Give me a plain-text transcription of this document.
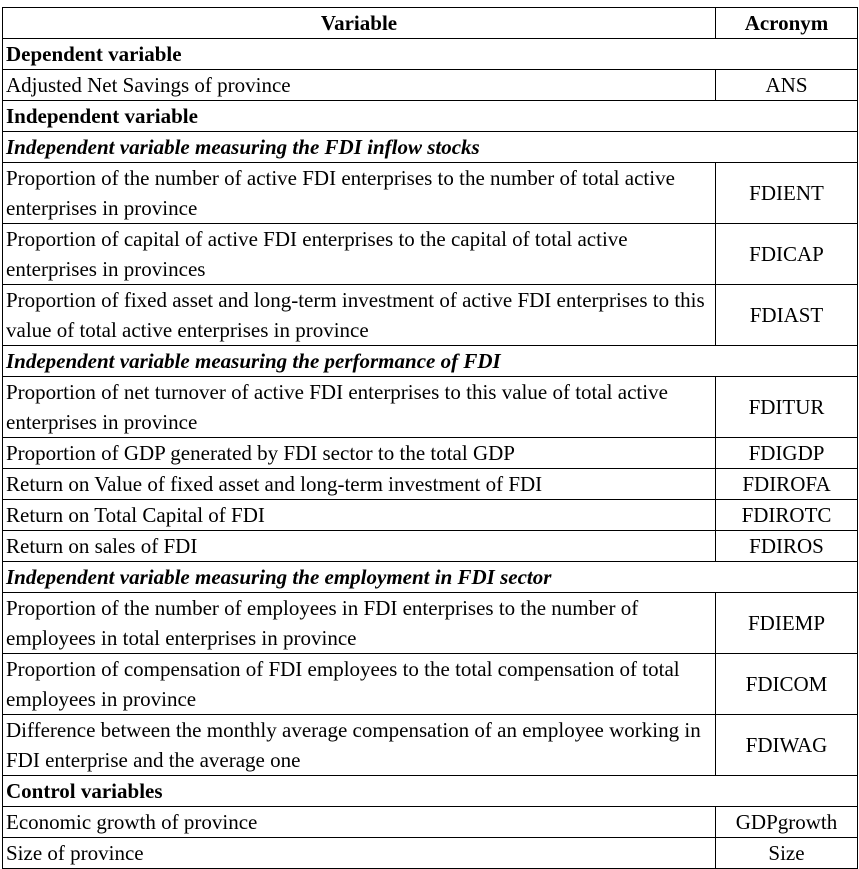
Variable	Acronym
Dependent variable	
Adjusted Net Savings of province	ANS
Independent variable	
Independent variable measuring the FDI inflow stocks	
Proportion of the number of active FDI enterprises to the number of total active enterprises in province	FDIENT
Proportion of capital of active FDI enterprises to the capital of total active enterprises in provinces	FDICAP
Proportion of fixed asset and long-term investment of active FDI enterprises to this value of total active enterprises in province	FDIAST
Independent variable measuring the performance of FDI	
Proportion of net turnover of active FDI enterprises to this value of total active enterprises in province	FDITUR
Proportion of GDP generated by FDI sector to the total GDP	FDIGDP
Return on Value of fixed asset and long-term investment of FDI	FDIROFA
Return on Total Capital of FDI	FDIROTC
Return on sales of FDI	FDIROS
Independent variable measuring the employment in FDI sector	
Proportion of the number of employees in FDI enterprises to the number of employees in total enterprises in province	FDIEMP
Proportion of compensation of FDI employees to the total compensation of total employees in province	FDICOM
Difference between the monthly average compensation of an employee working in FDI enterprise and the average one	FDIWAG
Control variables	
Economic growth of province	GDPgrowth
Size of province	Size
